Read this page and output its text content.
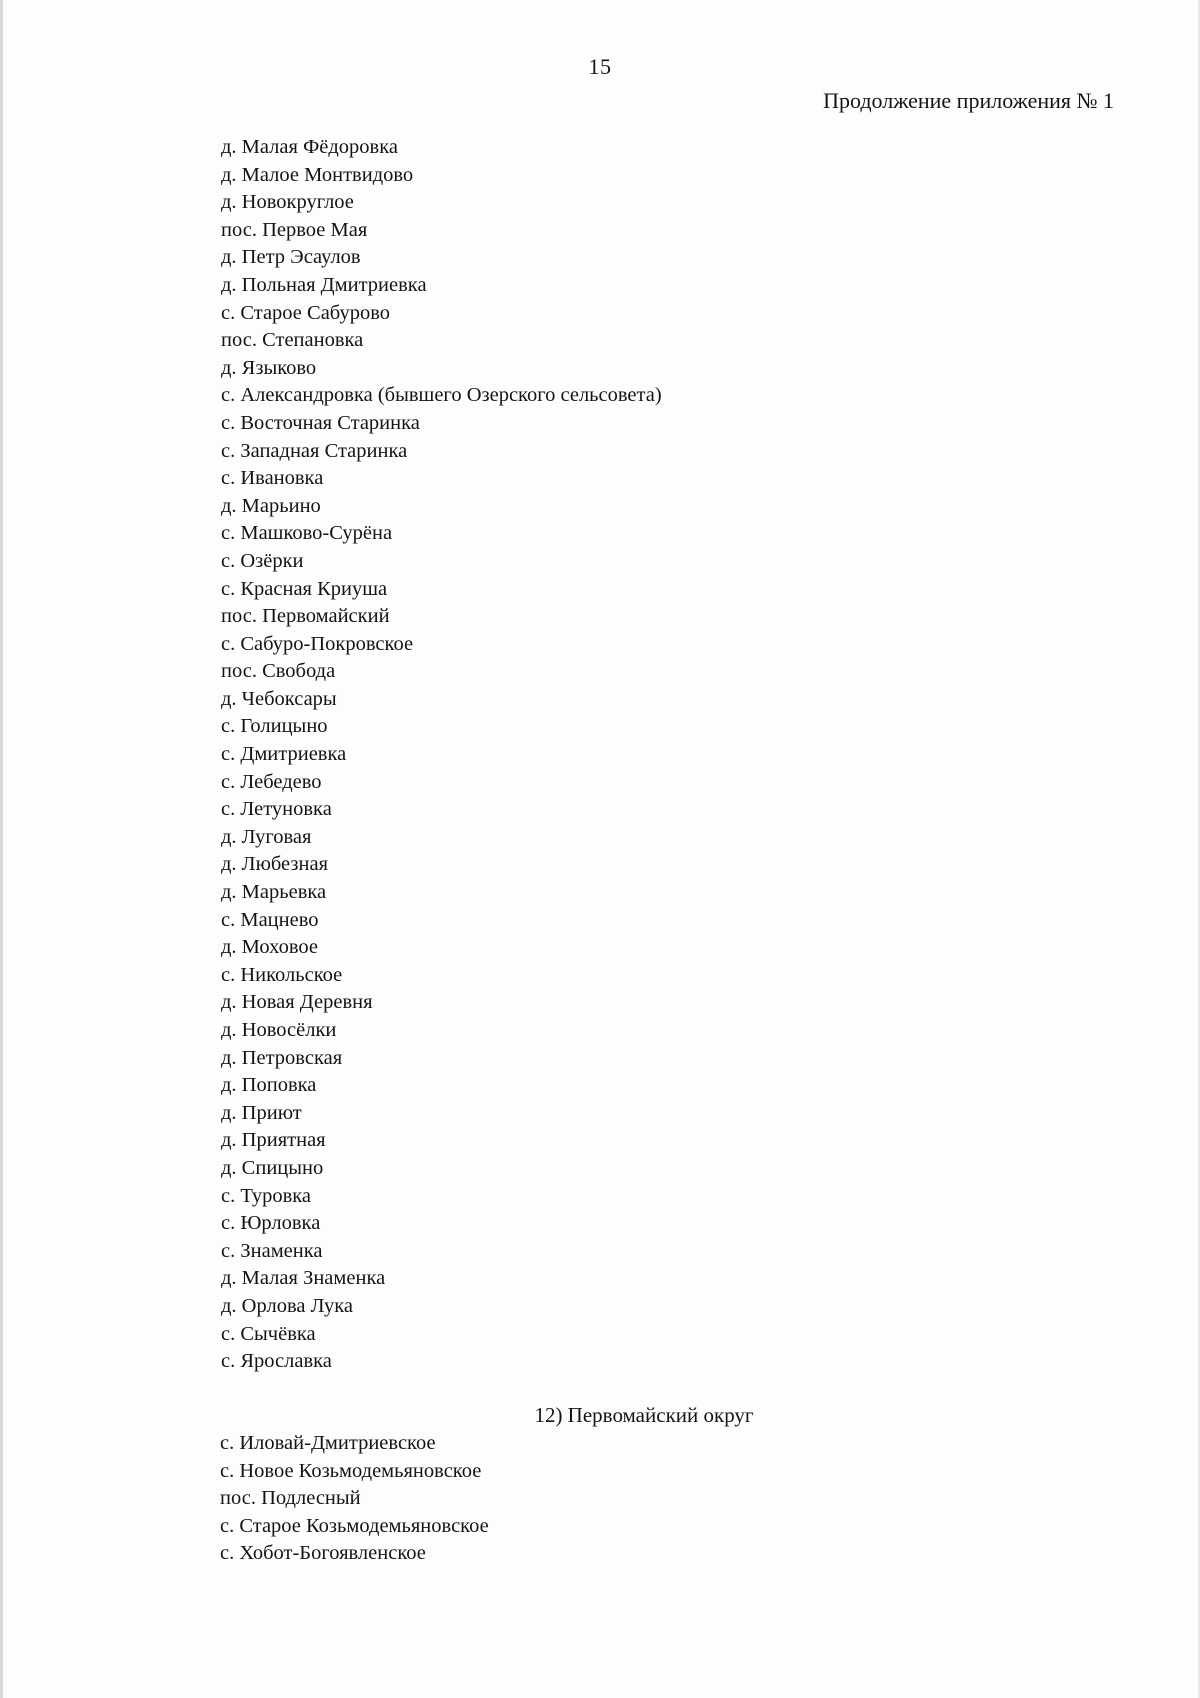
15
Продолжение приложения № 1
д. Малая Фёдоровка
д. Малое Монтвидово
д. Новокруглое
пос. Первое Мая
д. Петр Эсаулов
д. Польная Дмитриевка
с. Старое Сабурово
пос. Степановка
д. Языково
с. Александровка (бывшего Озерского сельсовета)
с. Восточная Старинка
с. Западная Старинка
с. Ивановка
д. Марьино
с. Машково-Сурёна
с. Озёрки
с. Красная Криуша
пос. Первомайский
с. Сабуро-Покровское
пос. Свобода
д. Чебоксары
с. Голицыно
с. Дмитриевка
с. Лебедево
с. Летуновка
д. Луговая
д. Любезная
д. Марьевка
с. Мацнево
д. Моховое
с. Никольское
д. Новая Деревня
д. Новосёлки
д. Петровская
д. Поповка
д. Приют
д. Приятная
д. Спицыно
с. Туровка
с. Юрловка
с. Знаменка
д. Малая Знаменка
д. Орлова Лука
с. Сычёвка
с. Ярославка
12) Первомайский округ
с. Иловай-Дмитриевское
с. Новое Козьмодемьяновское
пос. Подлесный
с. Старое Козьмодемьяновское
с. Хобот-Богоявленское
